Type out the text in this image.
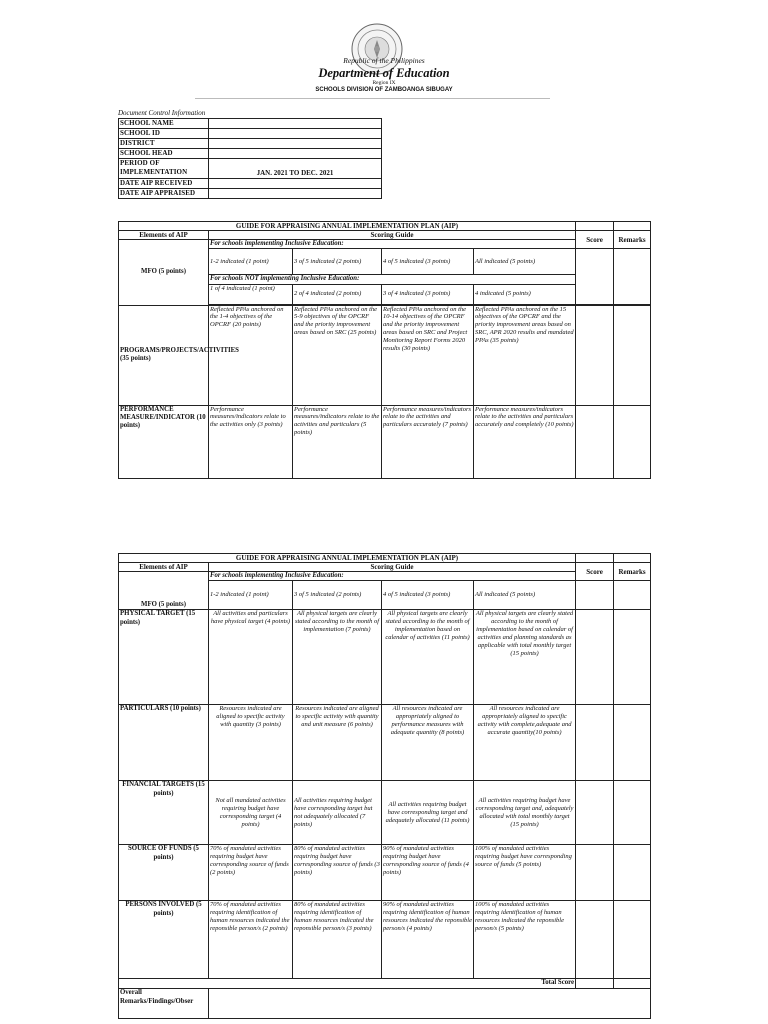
Republic of the Philippines
Department of Education
Region IX
SCHOOLS DIVISION OF ZAMBOANGA SIBUGAY
Document Control Information
SCHOOL NAME	
SCHOOL ID	
DISTRICT	
SCHOOL HEAD	
PERIOD OF IMPLEMENTATION	JAN. 2021 TO DEC. 2021
DATE AIP RECEIVED	
DATE AIP APPRAISED	
GUIDE FOR APPRAISING ANNUAL IMPLEMENTATION PLAN (AIP)						
Elements of AIP	Scoring Guide				Score	Remarks
MFO (5 points)	For schools implementing Inclusive Education:					
	1-2 indicated (1 point)	3 of 5 indicated (2 points)	4 of 5 indicated (3 points)	All indicated (5 points)		
	For schools NOT implementing Inclusive Education:					
	1 of 4 indicated (1 point)	2 of 4 indicated (2 points)	3 of 4 indicated (3 points)	4 indicated (5 points)		

PROGRAMS/PROJECTS/ACTIVITIES (35 points)	Reflected PPAs anchored on the 1-4 objectives of the OPCRF (20 points)	Reflected PPAs anchored on the 5-9 objectives of the OPCRF and the priority improvement areas based on SRC (25 points)	Reflected PPAs anchored on the 10-14 objectives of the OPCRF and the priority improvement areas based on SRC and Project Monitoring Report Forms 2020 results (30 points)	Reflected PPAs anchored on the 15 objectives of the OPCRF and the priority improvement areas based on SRC, APR 2020 results and mandated PPAs (35 points)		
PERFORMANCE MEASURE/INDICATOR (10 points)	Performance measures/indicators relate to the activities only (3 points)	Performance measures/indicators relate to the activities and particulars (5 points)	Performance measures/indicators relate to the activities and particulars accurately (7 points)	Performance measures/indicators relate to the activities and particulars accurately and completely (10 points)		
GUIDE FOR APPRAISING ANNUAL IMPLEMENTATION PLAN (AIP)						
Elements of AIP	Scoring Guide				Score	Remarks
MFO (5 points)	For schools implementing Inclusive Education:					
	1-2 indicated (1 point)	3 of 5 indicated (2 points)	4 of 5 indicated (3 points)	All indicated (5 points)		
PHYSICAL TARGET (15 points)	All activities and particulars have physical target (4 points)	All physical targets are clearly stated according to the month of implementation (7 points)	All physical targets are clearly stated according to the month of implementation based on calendar of activities (11 points)	All physical targets are clearly stated according to the month of implementation based on calendar of activities and planning standards as applicable with total monthly target (15 points)		
PARTICULARS (10 points)	Resources indicated are aligned to specific activity with quantity (3 points)	Resources indicated are aligned to specific activity with quantity and unit measure (6 points)	All resources indicated are appropriately aligned to performance measures with adequate quantity (8 points)	All resources indicated are appropriately aligned to specific activity with complete,adequate and accurate quantity(10 points)		
FINANCIAL TARGETS (15 points)	Not all mandated activities requiring budget have corresponding target (4 points)	All activities requiring budget have corresponding target but not adequately allocated (7 points)	All activities requiring budget have corresponding target and adequately allocated (11 points)	All activities requiring budget have corresponding target and, adequately allocated with total monthly target (15 points)		
SOURCE OF FUNDS (5 points)	70% of mandated activities requiring budget have corresponding source of funds (2 points)	80% of mandated activities requiring budget have corresponding source of funds (3 points)	90% of mandated activities requiring budget have corresponding source of funds (4 points)	100% of mandated activities requiring budget have corresponding source of funds (5 points)		
PERSONS INVOLVED (5 points)	70% of mandated activities requiring identification of human resources indicated the reponsible person/s (2 points)	80% of mandated activities requiring identification of human resources indicated the reponsible person/s (3 points)	90% of mandated activities requiring identification of human resources indicated the reponsible person/s (4 points)	100% of mandated activities requiring identification of human resources indicated the reponsible person/s (5 points)		
Total Score						
Overall Remarks/Findings/Obser						
